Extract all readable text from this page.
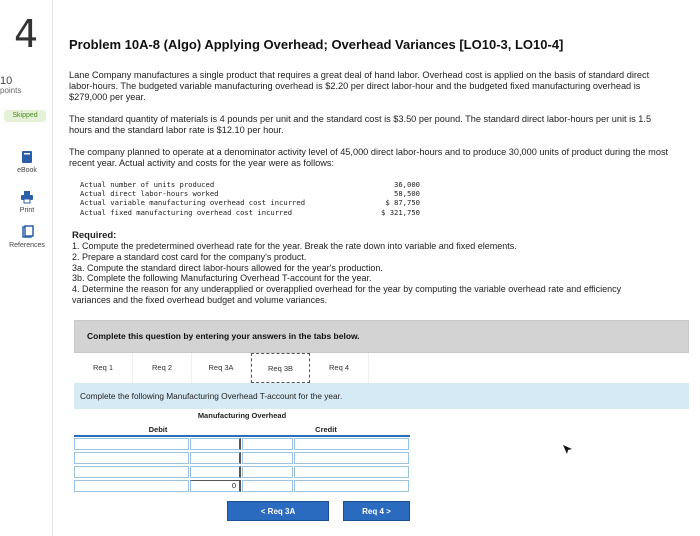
4
10
points
Skipped
eBook
Print
References
Problem 10A-8 (Algo) Applying Overhead; Overhead Variances [LO10-3, LO10-4]
Lane Company manufactures a single product that requires a great deal of hand labor. Overhead cost is applied on the basis of standard direct labor-hours. The budgeted variable manufacturing overhead is $2.20 per direct labor-hour and the budgeted fixed manufacturing overhead is $279,000 per year.
The standard quantity of materials is 4 pounds per unit and the standard cost is $3.50 per pound. The standard direct labor-hours per unit is 1.5 hours and the standard labor rate is $12.10 per hour.
The company planned to operate at a denominator activity level of 45,000 direct labor-hours and to produce 30,000 units of product during the most recent year. Actual activity and costs for the year were as follows:
Actual number of units produced	36,000
Actual direct labor-hours worked	58,500
Actual variable manufacturing overhead cost incurred	$ 87,750
Actual fixed manufacturing overhead cost incurred	$ 321,750
Required:
1. Compute the predetermined overhead rate for the year. Break the rate down into variable and fixed elements.
2. Prepare a standard cost card for the company's product.
3a. Compute the standard direct labor-hours allowed for the year's production.
3b. Complete the following Manufacturing Overhead T-account for the year.
4. Determine the reason for any underapplied or overapplied overhead for the year by computing the variable overhead rate and efficiency variances and the fixed overhead budget and volume variances.
Complete this question by entering your answers in the tabs below.
Req 1	Req 2	Req 3A	Req 3B	Req 4
Complete the following Manufacturing Overhead T-account for the year.
Manufacturing Overhead
Debit	Credit
0
< Req 3A	Req 4 >
